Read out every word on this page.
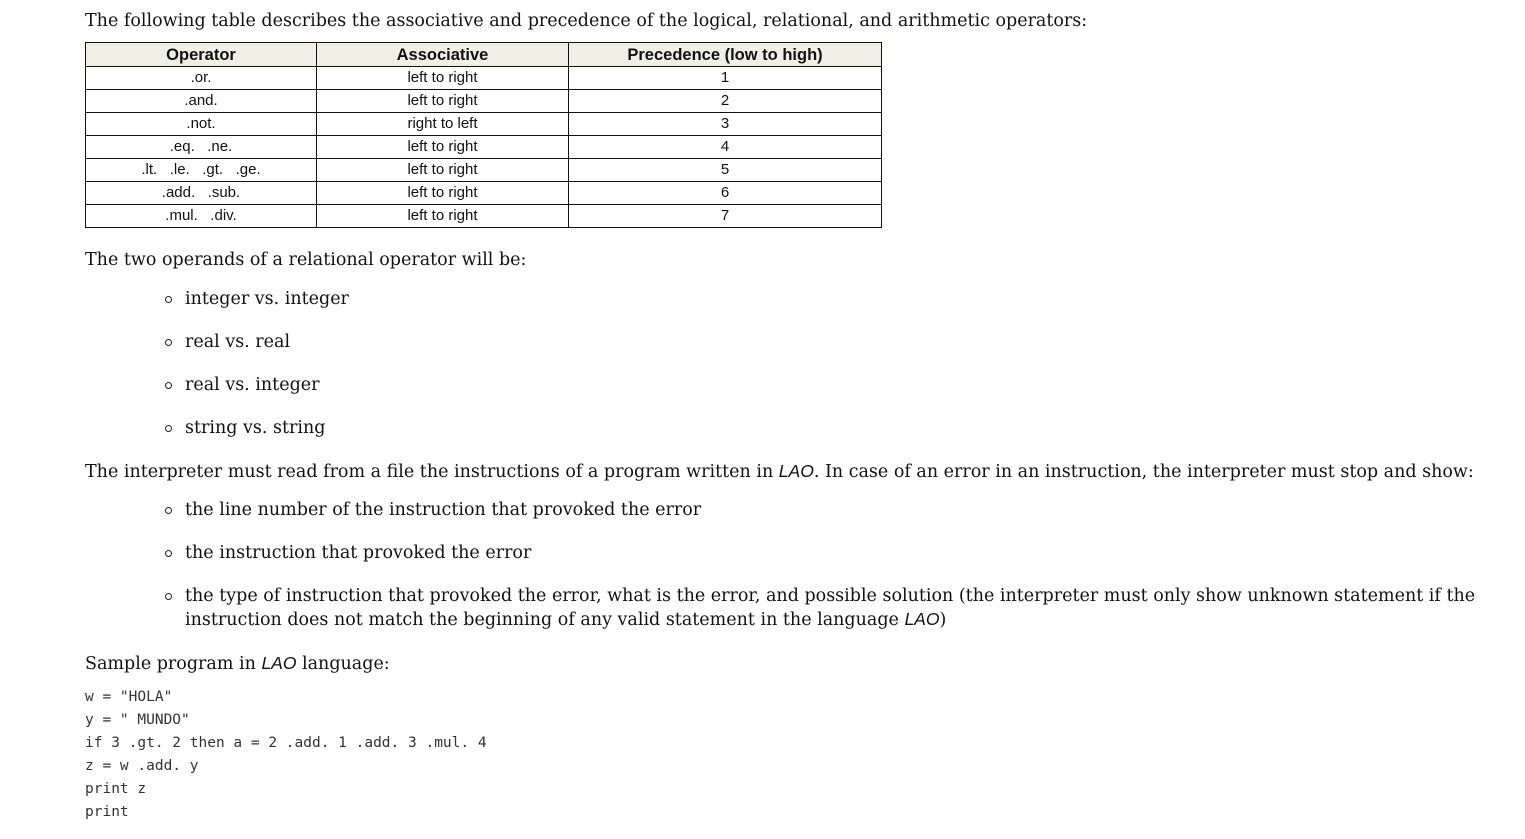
The following table describes the associative and precedence of the logical, relational, and arithmetic operators:

Operator	Associative	Precedence (low to high)
.or.	left to right	1
.and.	left to right	2
.not.	right to left	3
.eq.   .ne.	left to right	4
.lt.   .le.   .gt.   .ge.	left to right	5
.add.   .sub.	left to right	6
.mul.   .div.	left to right	7

The two operands of a relational operator will be:

integer vs. integer
real vs. real
real vs. integer
string vs. string

The interpreter must read from a file the instructions of a program written in LAO. In case of an error in an instruction, the interpreter must stop and show:

the line number of the instruction that provoked the error
the instruction that provoked the error
the type of instruction that provoked the error, what is the error, and possible solution (the interpreter must only show unknown statement if the instruction does not match the beginning of any valid statement in the language LAO)

Sample program in LAO language:

w = "HOLA"
y = " MUNDO"
if 3 .gt. 2 then a = 2 .add. 1 .add. 3 .mul. 4
z = w .add. y
print z
print
